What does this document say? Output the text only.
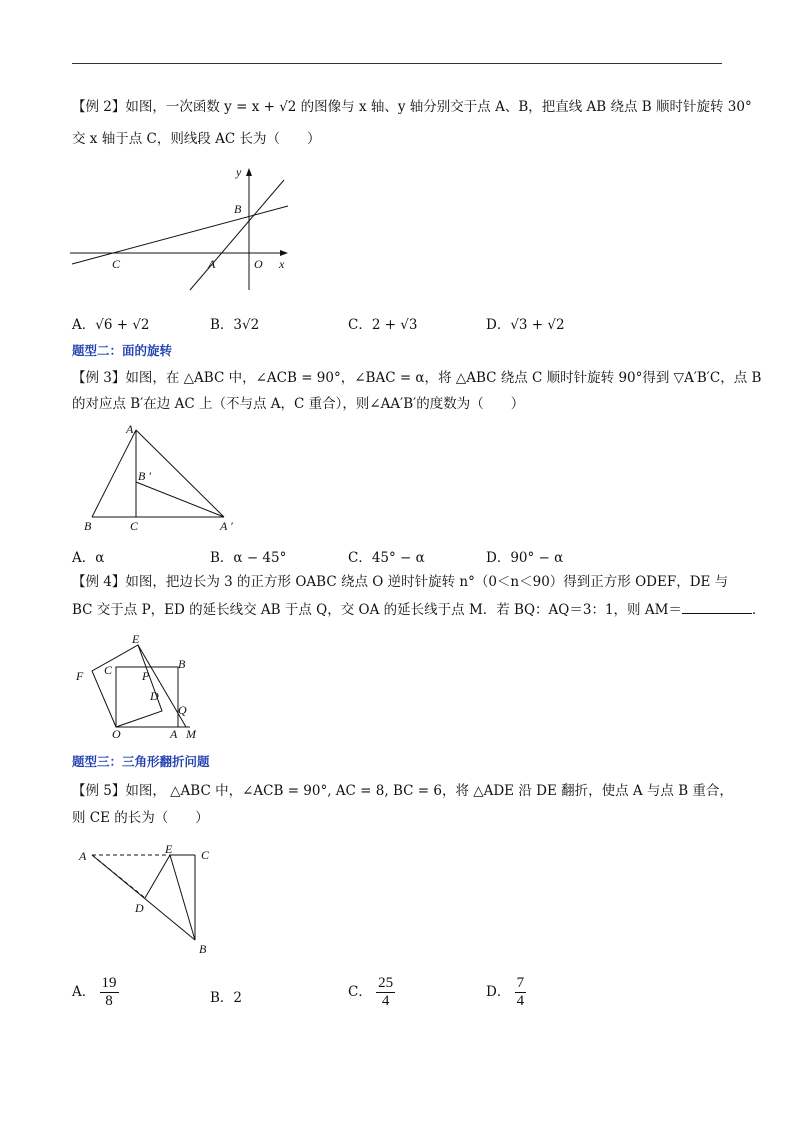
【例 2】如图，一次函数 y = x + √2 的图像与 x 轴、y 轴分别交于点 A、B，把直线 AB 绕点 B 顺时针旋转 30°
交 x 轴于点 C，则线段 AC 长为（　　）
y
B
C	A	O x
A．√6 + √2	B．3√2	C．2 + √3	D．√3 + √2
题型二：面的旋转
【例 3】如图，在 △ABC 中，∠ACB = 90°，∠BAC = α，将 △ABC 绕点 C 顺时针旋转 90°得到 ▽A′B′C，点 B
的对应点 B′在边 AC 上（不与点 A，C 重合），则∠AA′B′的度数为（　　）
A
B ′
B	C	A ′
A．α	B．α − 45°	C．45° − α	D．90° − α
【例 4】如图，把边长为 3 的正方形 OABC 绕点 O 逆时针旋转 n°（0＜n＜90）得到正方形 ODEF，DE 与
BC 交于点 P，ED 的延长线交 AB 于点 Q，交 OA 的延长线于点 M．若 BQ：AQ＝3：1，则 AM＝	．
E
B
F C P
D
Q
O	A M
题型三：三角形翻折问题
【例 5】如图， △ABC 中，∠ACB = 90°, AC = 8, BC = 6，将 △ADE 沿 DE 翻折，使点 A 与点 B 重合，
则 CE 的长为（　　）
A	E C
D
B
A． $\frac{19}{8}$	B．2	C． $\frac{25}{4}$	D． $\frac{7}{4}$
